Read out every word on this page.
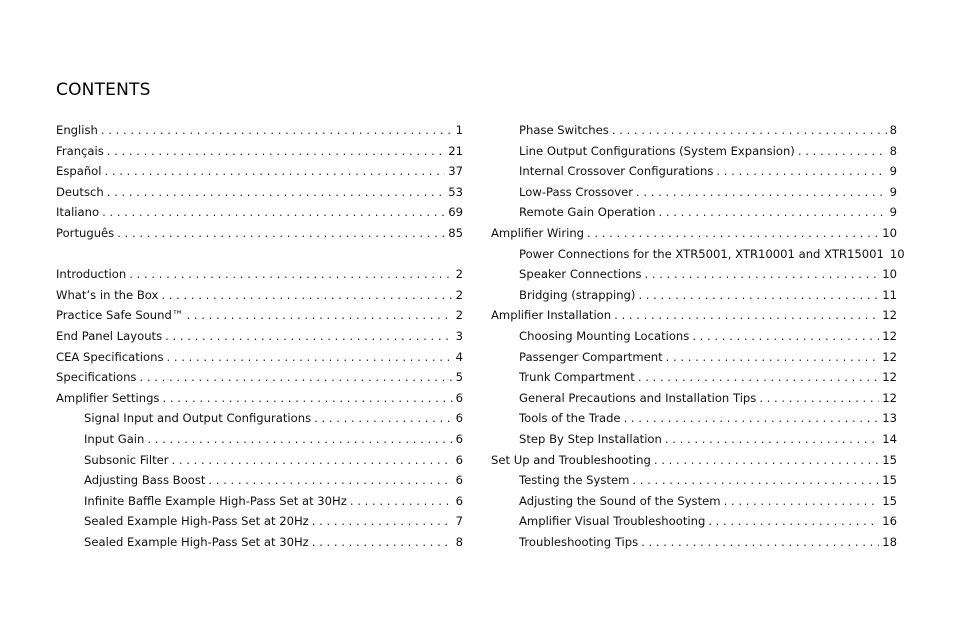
CONTENTS
English . . .	1
Français . . .	21
Español . . .	37
Deutsch . . .	53
Italiano . . .	69
Português . . .	85
Introduction . . .	2
What’s in the Box . . .	2
Practice Safe Sound™ . . .	2
End Panel Layouts . . .	3
CEA Specifications . . .	4
Specifications . . .	5
Amplifier Settings . . .	6
Signal Input and Output Configurations . . .	6
Input Gain . . .	6
Subsonic Filter . . .	6
Adjusting Bass Boost . . .	6
Infinite Baffle Example High-Pass Set at 30Hz . . .	6
Sealed Example High-Pass Set at 20Hz . . .	7
Sealed Example High-Pass Set at 30Hz . . .	8
Phase Switches . . .	8
Line Output Configurations (System Expansion) . . .	8
Internal Crossover Configurations . . .	9
Low-Pass Crossover . . .	9
Remote Gain Operation . . .	9
Amplifier Wiring . . .	10
Power Connections for the XTR5001, XTR10001 and XTR15001 10
Speaker Connections . . .	10
Bridging (strapping) . . .	11
Amplifier Installation . . .	12
Choosing Mounting Locations . . .	12
Passenger Compartment . . .	12
Trunk Compartment . . .	12
General Precautions and Installation Tips . . .	12
Tools of the Trade . . .	13
Step By Step Installation . . .	14
Set Up and Troubleshooting . . .	15
Testing the System . . .	15
Adjusting the Sound of the System . . .	15
Amplifier Visual Troubleshooting . . .	16
Troubleshooting Tips . . .	18
